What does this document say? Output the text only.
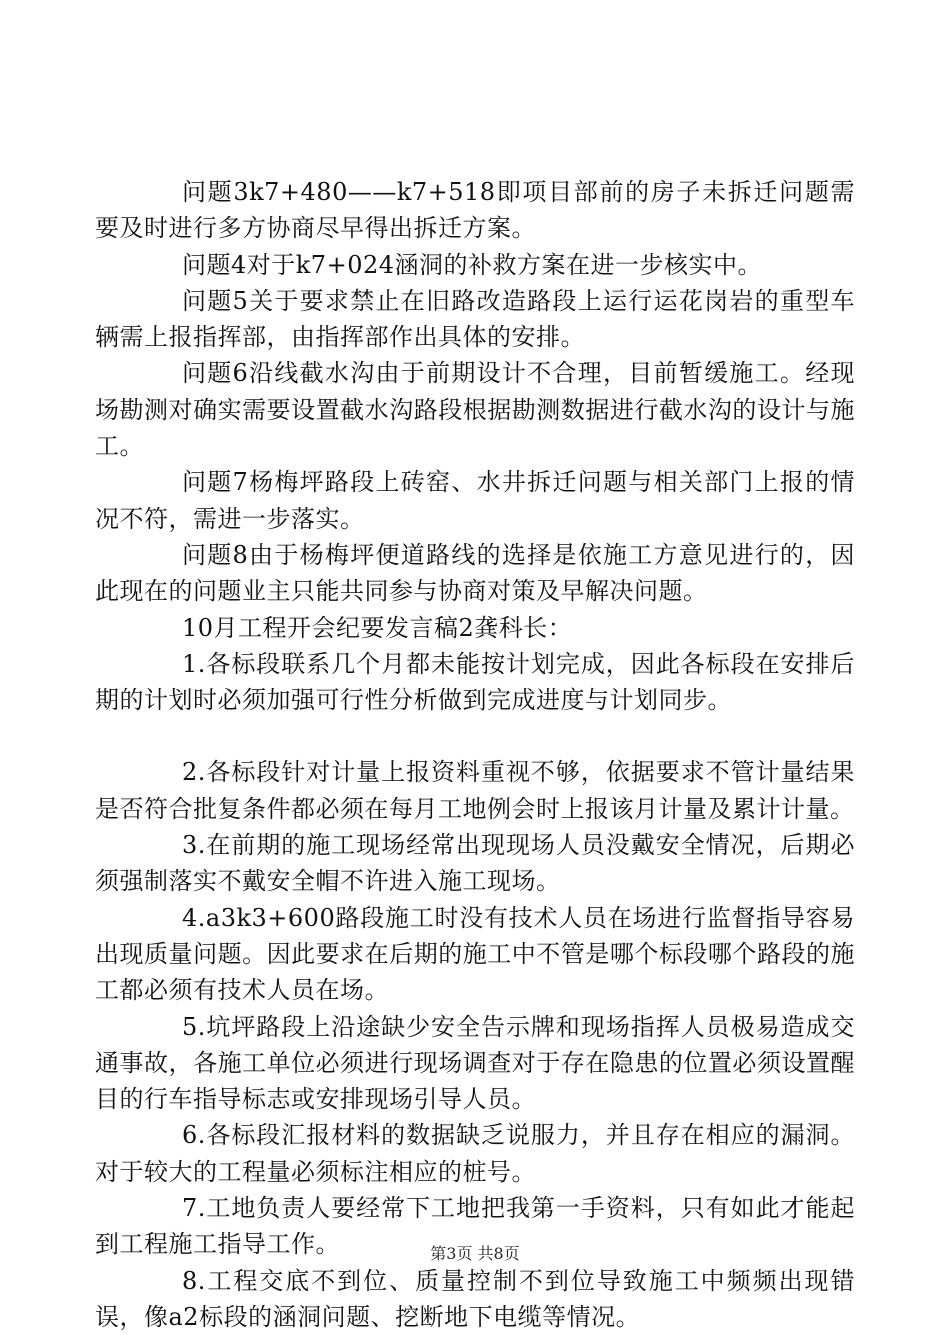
问题3k7+480——k7+518即项目部前的房子未拆迁问题需要及时进行多方协商尽早得出拆迁方案。

问题4对于k7+024涵洞的补救方案在进一步核实中。

问题5关于要求禁止在旧路改造路段上运行运花岗岩的重型车辆需上报指挥部，由指挥部作出具体的安排。

问题6沿线截水沟由于前期设计不合理，目前暂缓施工。经现场勘测对确实需要设置截水沟路段根据勘测数据进行截水沟的设计与施工。

问题7杨梅坪路段上砖窑、水井拆迁问题与相关部门上报的情况不符，需进一步落实。

问题8由于杨梅坪便道路线的选择是依施工方意见进行的，因此现在的问题业主只能共同参与协商对策及早解决问题。

10月工程开会纪要发言稿2龚科长：

1.各标段联系几个月都未能按计划完成，因此各标段在安排后期的计划时必须加强可行性分析做到完成进度与计划同步。

2.各标段针对计量上报资料重视不够，依据要求不管计量结果是否符合批复条件都必须在每月工地例会时上报该月计量及累计计量。

3.在前期的施工现场经常出现现场人员没戴安全情况，后期必须强制落实不戴安全帽不许进入施工现场。

4.a3k3+600路段施工时没有技术人员在场进行监督指导容易出现质量问题。因此要求在后期的施工中不管是哪个标段哪个路段的施工都必须有技术人员在场。

5.坑坪路段上沿途缺少安全告示牌和现场指挥人员极易造成交通事故，各施工单位必须进行现场调查对于存在隐患的位置必须设置醒目的行车指导标志或安排现场引导人员。

6.各标段汇报材料的数据缺乏说服力，并且存在相应的漏洞。对于较大的工程量必须标注相应的桩号。

7.工地负责人要经常下工地把我第一手资料，只有如此才能起到工程施工指导工作。

8.工程交底不到位、质量控制不到位导致施工中频频出现错误，像a2标段的涵洞问题、挖断地下电缆等情况。

第3页 共8页
